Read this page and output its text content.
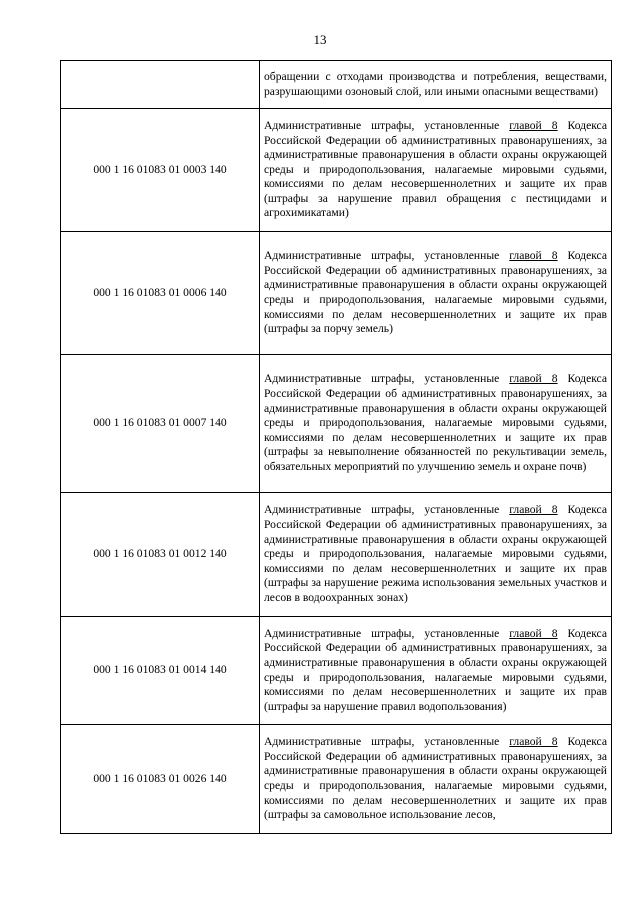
13
	обращении с отходами производства и потребления, веществами, разрушающими озоновый слой, или иными опасными веществами)
000 1 16 01083 01 0003 140	Административные штрафы, установленные главой 8 Кодекса Российской Федерации об административных правонарушениях, за административные правонарушения в области охраны окружающей среды и природопользования, налагаемые мировыми судьями, комиссиями по делам несовершеннолетних и защите их прав (штрафы за нарушение правил обращения с пестицидами и агрохимикатами)
000 1 16 01083 01 0006 140	Административные штрафы, установленные главой 8 Кодекса Российской Федерации об административных правонарушениях, за административные правонарушения в области охраны окружающей среды и природопользования, налагаемые мировыми судьями, комиссиями по делам несовершеннолетних и защите их прав (штрафы за порчу земель)
000 1 16 01083 01 0007 140	Административные штрафы, установленные главой 8 Кодекса Российской Федерации об административных правонарушениях, за административные правонарушения в области охраны окружающей среды и природопользования, налагаемые мировыми судьями, комиссиями по делам несовершеннолетних и защите их прав (штрафы за невыполнение обязанностей по рекультивации земель, обязательных мероприятий по улучшению земель и охране почв)
000 1 16 01083 01 0012 140	Административные штрафы, установленные главой 8 Кодекса Российской Федерации об административных правонарушениях, за административные правонарушения в области охраны окружающей среды и природопользования, налагаемые мировыми судьями, комиссиями по делам несовершеннолетних и защите их прав (штрафы за нарушение режима использования земельных участков и лесов в водоохранных зонах)
000 1 16 01083 01 0014 140	Административные штрафы, установленные главой 8 Кодекса Российской Федерации об административных правонарушениях, за административные правонарушения в области охраны окружающей среды и природопользования, налагаемые мировыми судьями, комиссиями по делам несовершеннолетних и защите их прав (штрафы за нарушение правил водопользования)
000 1 16 01083 01 0026 140	Административные штрафы, установленные главой 8 Кодекса Российской Федерации об административных правонарушениях, за административные правонарушения в области охраны окружающей среды и природопользования, налагаемые мировыми судьями, комиссиями по делам несовершеннолетних и защите их прав (штрафы за самовольное использование лесов,
